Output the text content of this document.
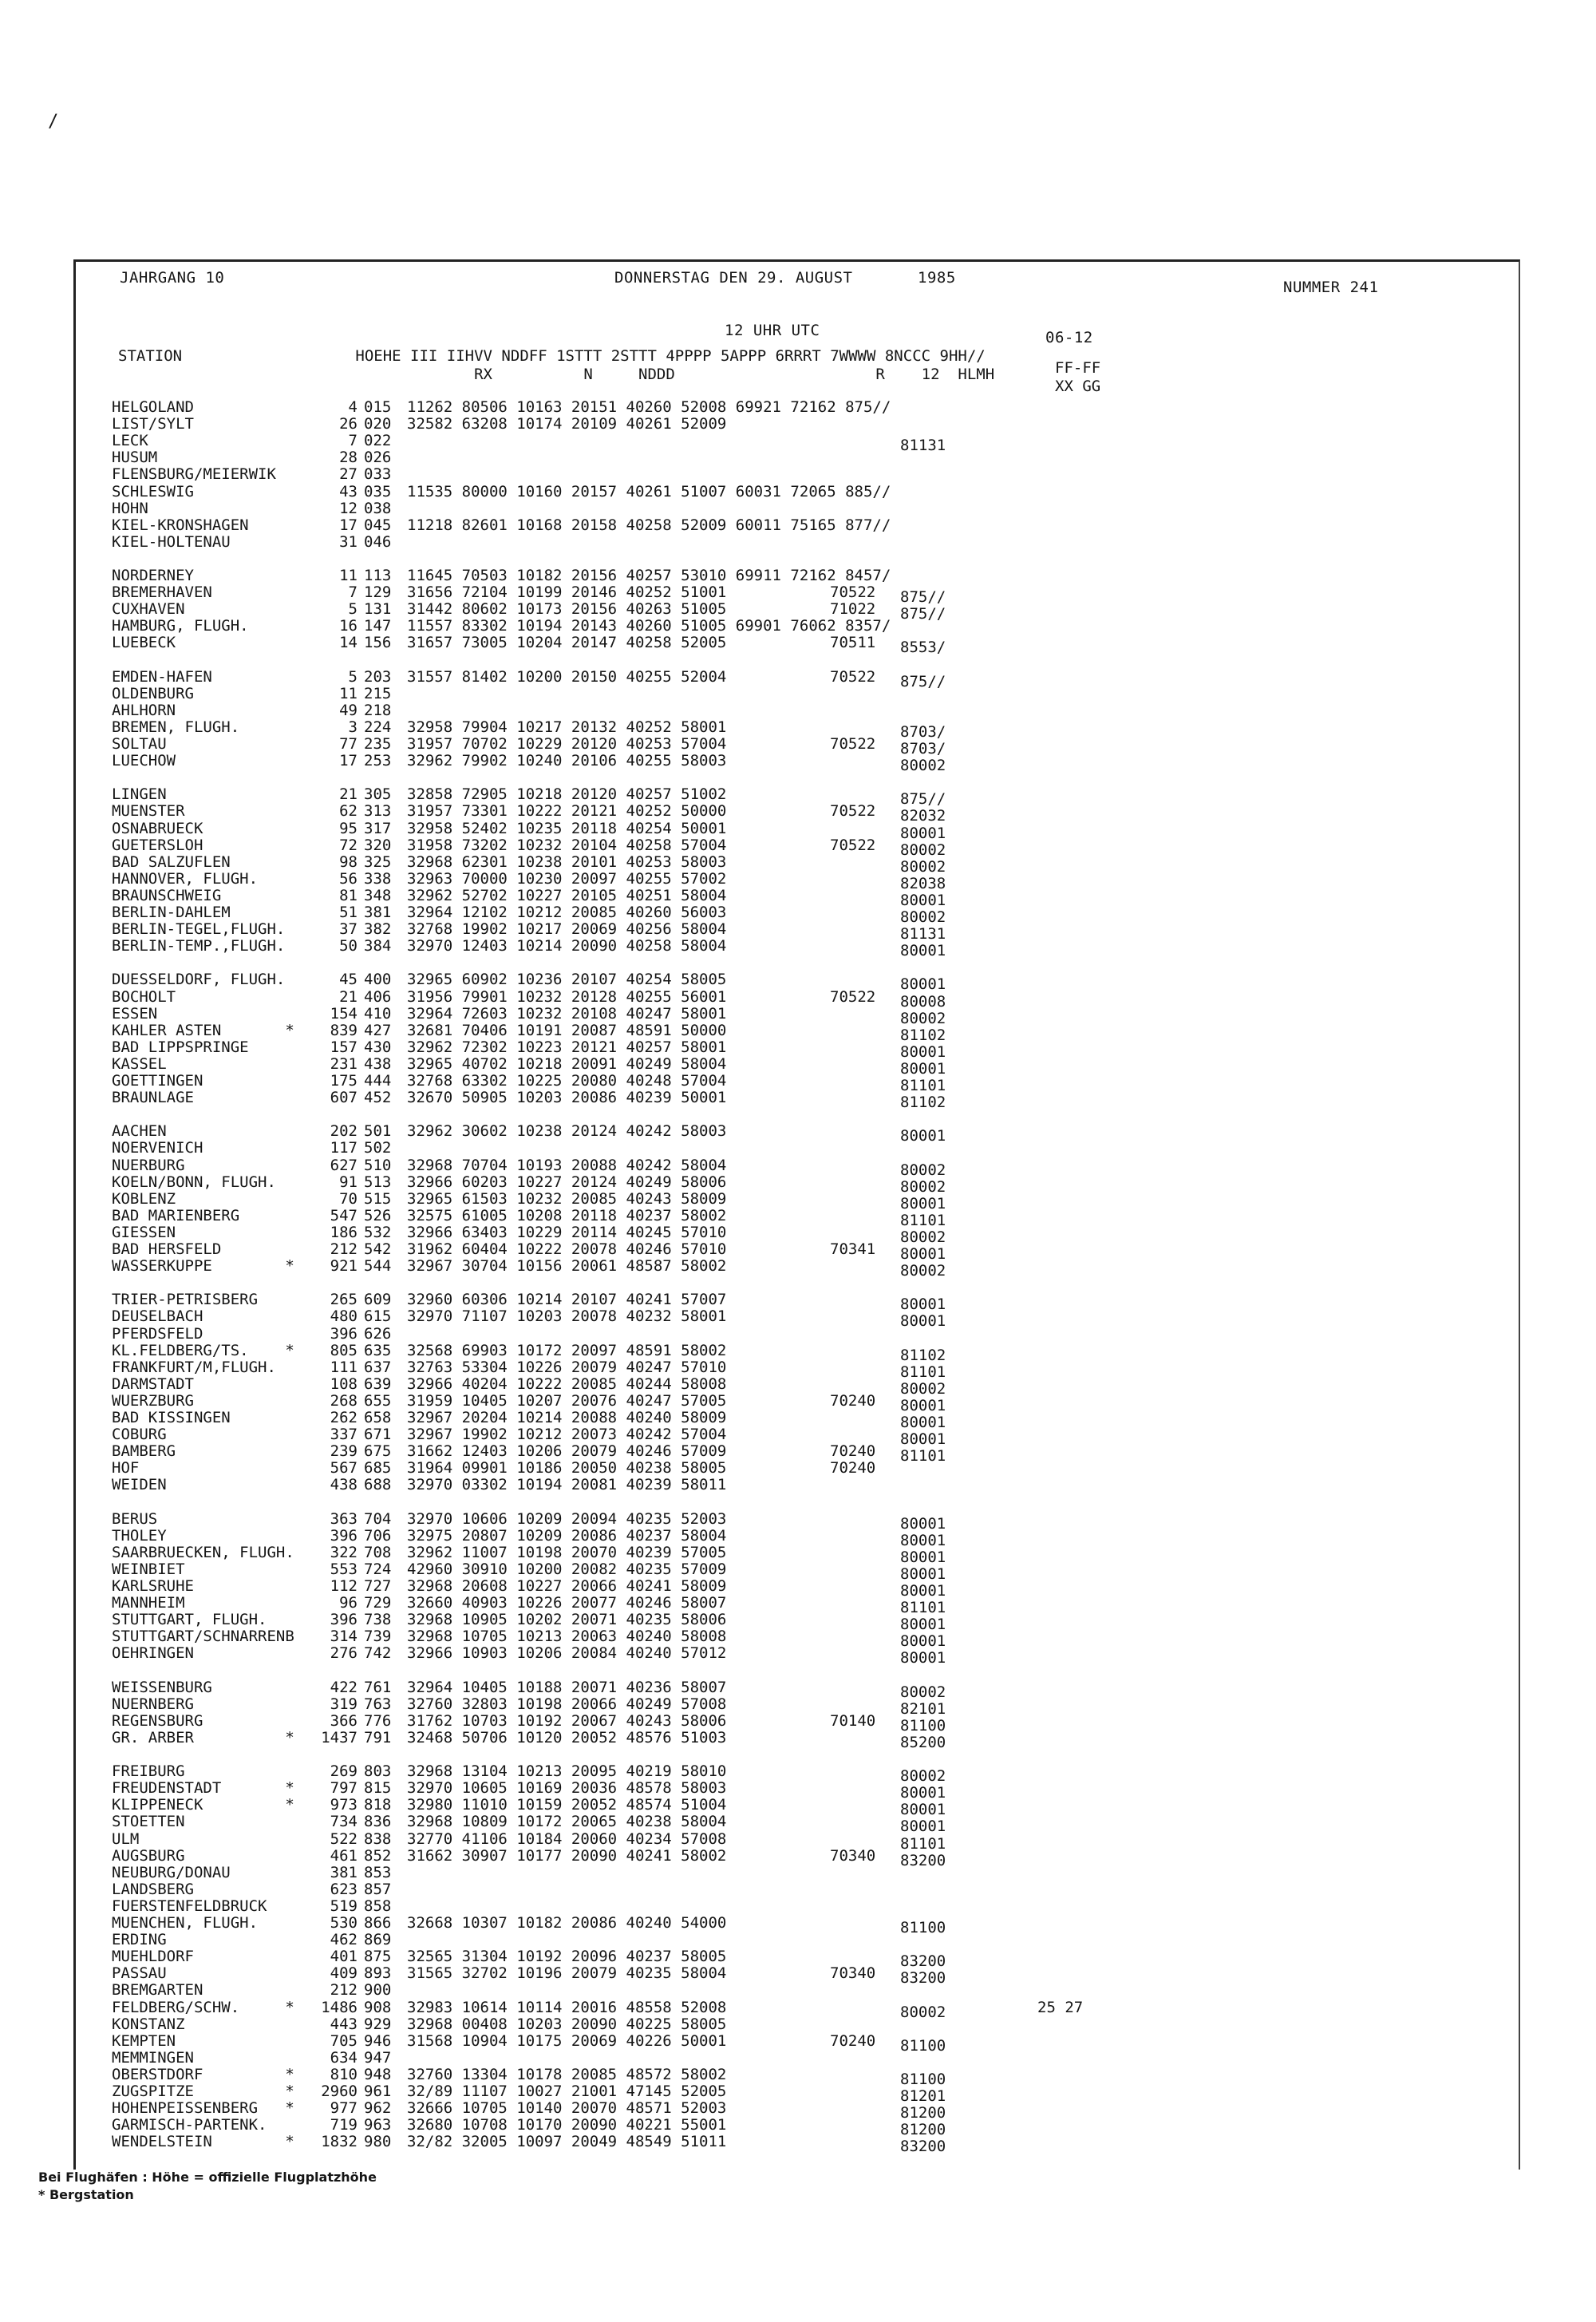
/
JAHRGANG 10	DONNERSTAG DEN 29. AUGUST	1985
NUMMER 241
12 UHR UTC	06-12
STATION                   HOEHE III IIHVV NDDFF 1STTT 2STTT 4PPPP 5APPP 6RRRT 7WWWW 8NCCC 9HH//
RX          N     NDDD                      R    12  HLMH	FF-FF
XX GG
HELGOLAND	4 015 11262 80506 10163 20151 40260 52008 69921 72162 875//
LIST/SYLT	26 020 32582 63208 10174 20109 40261 52009
LECK	7 022	81131
HUSUM	28 026
FLENSBURG/MEIERWIK	27 033
SCHLESWIG	43 035 11535 80000 10160 20157 40261 51007 60031 72065 885//
HOHN	12 038
KIEL-KRONSHAGEN	17 045 11218 82601 10168 20158 40258 52009 60011 75165 877//
KIEL-HOLTENAU	31 046
NORDERNEY	11 113 11645 70503 10182 20156 40257 53010 69911 72162 8457/
BREMERHAVEN	7 129 31656 72104 10199 20146 40252 51001	70522 875//
CUXHAVEN	5 131 31442 80602 10173 20156 40263 51005	71022 875//
HAMBURG, FLUGH.	16 147 11557 83302 10194 20143 40260 51005 69901 76062 8357/
LUEBECK	14 156 31657 73005 10204 20147 40258 52005	70511 8553/
EMDEN-HAFEN	5 203 31557 81402 10200 20150 40255 52004	70522 875//
OLDENBURG	11 215
AHLHORN	49 218
BREMEN, FLUGH.	3 224 32958 79904 10217 20132 40252 58001	8703/
SOLTAU	77 235 31957 70702 10229 20120 40253 57004	70522 8703/
LUECHOW	17 253 32962 79902 10240 20106 40255 58003	80002
LINGEN	21 305 32858 72905 10218 20120 40257 51002	875//
MUENSTER	62 313 31957 73301 10222 20121 40252 50000	70522 82032
OSNABRUECK	95 317 32958 52402 10235 20118 40254 50001	80001
GUETERSLOH	72 320 31958 73202 10232 20104 40258 57004	70522 80002
BAD SALZUFLEN	98 325 32968 62301 10238 20101 40253 58003	80002
HANNOVER, FLUGH.	56 338 32963 70000 10230 20097 40255 57002	82038
BRAUNSCHWEIG	81 348 32962 52702 10227 20105 40251 58004	80001
BERLIN-DAHLEM	51 381 32964 12102 10212 20085 40260 56003	80002
BERLIN-TEGEL,FLUGH.	37 382 32768 19902 10217 20069 40256 58004	81131
BERLIN-TEMP.,FLUGH.	50 384 32970 12403 10214 20090 40258 58004	80001
DUESSELDORF, FLUGH.	45 400 32965 60902 10236 20107 40254 58005	80001
BOCHOLT	21 406 31956 79901 10232 20128 40255 56001	70522 80008
ESSEN	154 410 32964 72603 10232 20108 40247 58001	80002
KAHLER ASTEN       *	839 427 32681 70406 10191 20087 48591 50000	81102
BAD LIPPSPRINGE	157 430 32962 72302 10223 20121 40257 58001	80001
KASSEL	231 438 32965 40702 10218 20091 40249 58004	80001
GOETTINGEN	175 444 32768 63302 10225 20080 40248 57004	81101
BRAUNLAGE	607 452 32670 50905 10203 20086 40239 50001	81102
AACHEN	202 501 32962 30602 10238 20124 40242 58003	80001
NOERVENICH	117 502
NUERBURG	627 510 32968 70704 10193 20088 40242 58004	80002
KOELN/BONN, FLUGH.	91 513 32966 60203 10227 20124 40249 58006	80002
KOBLENZ	70 515 32965 61503 10232 20085 40243 58009	80001
BAD MARIENBERG	547 526 32575 61005 10208 20118 40237 58002	81101
GIESSEN	186 532 32966 63403 10229 20114 40245 57010	80002
BAD HERSFELD	212 542 31962 60404 10222 20078 40246 57010	70341 80001
WASSERKUPPE        *	921 544 32967 30704 10156 20061 48587 58002	80002
TRIER-PETRISBERG	265 609 32960 60306 10214 20107 40241 57007	80001
DEUSELBACH	480 615 32970 71107 10203 20078 40232 58001	80001
PFERDSFELD	396 626
KL.FELDBERG/TS.    *	805 635 32568 69903 10172 20097 48591 58002	81102
FRANKFURT/M,FLUGH.	111 637 32763 53304 10226 20079 40247 57010	81101
DARMSTADT	108 639 32966 40204 10222 20085 40244 58008	80002
WUERZBURG	268 655 31959 10405 10207 20076 40247 57005	70240 80001
BAD KISSINGEN	262 658 32967 20204 10214 20088 40240 58009	80001
COBURG	337 671 32967 19902 10212 20073 40242 57004	80001
BAMBERG	239 675 31662 12403 10206 20079 40246 57009	70240 81101
HOF	567 685 31964 09901 10186 20050 40238 58005	70240
WEIDEN	438 688 32970 03302 10194 20081 40239 58011
BERUS	363 704 32970 10606 10209 20094 40235 52003	80001
THOLEY	396 706 32975 20807 10209 20086 40237 58004	80001
SAARBRUECKEN, FLUGH.	322 708 32962 11007 10198 20070 40239 57005	80001
WEINBIET	553 724 42960 30910 10200 20082 40235 57009	80001
KARLSRUHE	112 727 32968 20608 10227 20066 40241 58009	80001
MANNHEIM	96 729 32660 40903 10226 20077 40246 58007	81101
STUTTGART, FLUGH.	396 738 32968 10905 10202 20071 40235 58006	80001
STUTTGART/SCHNARRENB	314 739 32968 10705 10213 20063 40240 58008	80001
OEHRINGEN	276 742 32966 10903 10206 20084 40240 57012	80001
WEISSENBURG	422 761 32964 10405 10188 20071 40236 58007	80002
NUERNBERG	319 763 32760 32803 10198 20066 40249 57008	82101
REGENSBURG	366 776 31762 10703 10192 20067 40243 58006	70140 81100
GR. ARBER          *	1437 791 32468 50706 10120 20052 48576 51003	85200
FREIBURG	269 803 32968 13104 10213 20095 40219 58010	80002
FREUDENSTADT       *	797 815 32970 10605 10169 20036 48578 58003	80001
KLIPPENECK         *	973 818 32980 11010 10159 20052 48574 51004	80001
STOETTEN	734 836 32968 10809 10172 20065 40238 58004	80001
ULM	522 838 32770 41106 10184 20060 40234 57008	81101
AUGSBURG	461 852 31662 30907 10177 20090 40241 58002	70340 83200
NEUBURG/DONAU	381 853
LANDSBERG	623 857
FUERSTENFELDBRUCK	519 858
MUENCHEN, FLUGH.	530 866 32668 10307 10182 20086 40240 54000	81100
ERDING	462 869
MUEHLDORF	401 875 32565 31304 10192 20096 40237 58005	83200
PASSAU	409 893 31565 32702 10196 20079 40235 58004	70340 83200
BREMGARTEN	212 900
FELDBERG/SCHW.     *	1486 908 32983 10614 10114 20016 48558 52008	80002	25 27
KONSTANZ	443 929 32968 00408 10203 20090 40225 58005
KEMPTEN	705 946 31568 10904 10175 20069 40226 50001	70240 81100
MEMMINGEN	634 947
OBERSTDORF         *	810 948 32760 13304 10178 20085 48572 58002	81100
ZUGSPITZE          *	2960 961 32/89 11107 10027 21001 47145 52005	81201
HOHENPEISSENBERG   *	977 962 32666 10705 10140 20070 48571 52003	81200
GARMISCH-PARTENK.	719 963 32680 10708 10170 20090 40221 55001	81200
WENDELSTEIN        *	1832 980 32/82 32005 10097 20049 48549 51011	83200
Bei Flughäfen : Höhe = offizielle Flugplatzhöhe
* Bergstation
